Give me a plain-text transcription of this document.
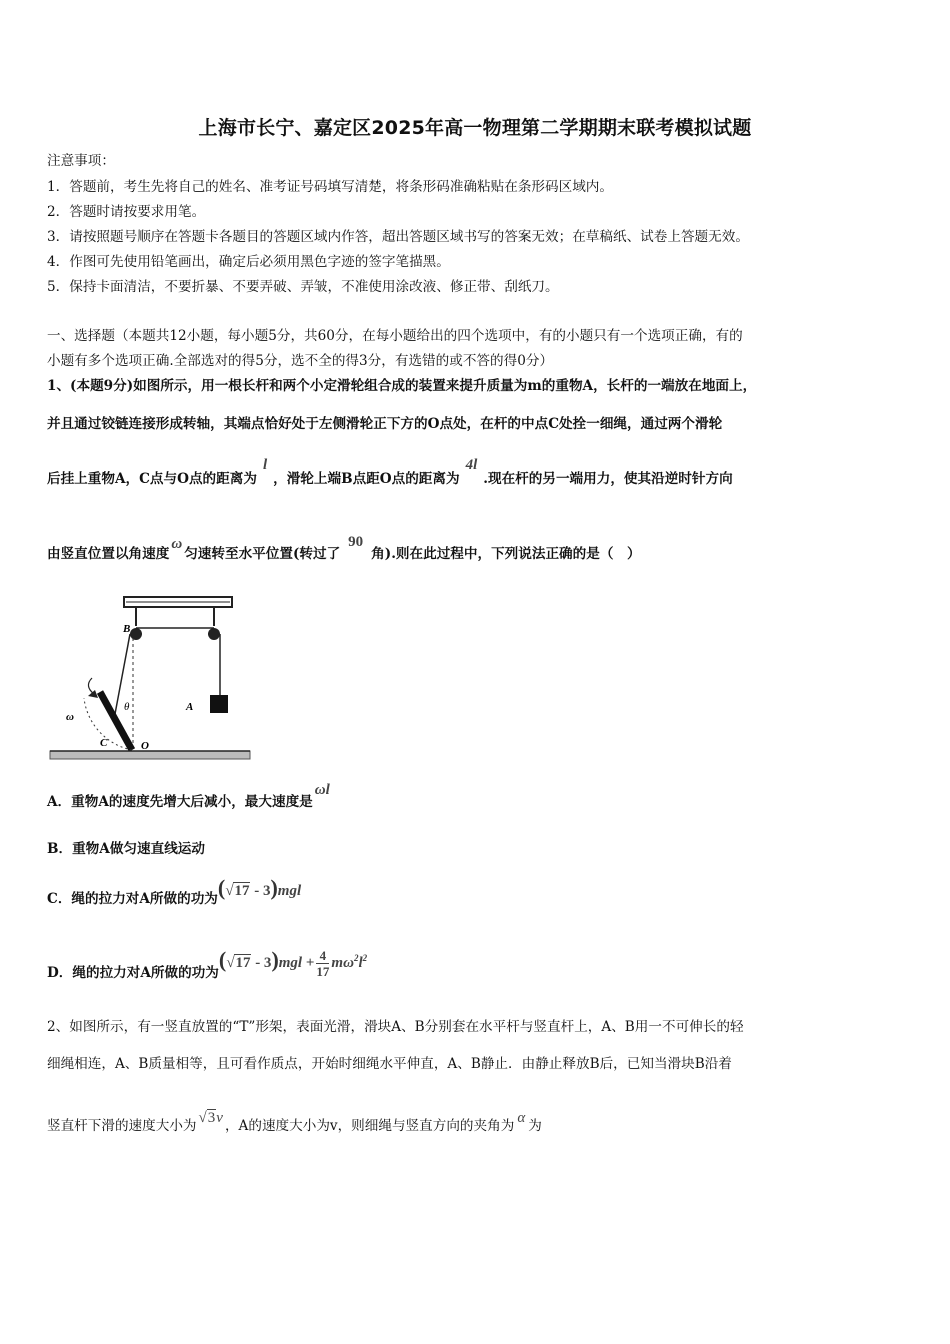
上海市长宁、嘉定区2025年高一物理第二学期期末联考模拟试题
注意事项：
1．答题前，考生先将自己的姓名、准考证号码填写清楚，将条形码准确粘贴在条形码区域内。
2．答题时请按要求用笔。
3．请按照题号顺序在答题卡各题目的答题区域内作答，超出答题区域书写的答案无效；在草稿纸、试卷上答题无效。
4．作图可先使用铅笔画出，确定后必须用黑色字迹的签字笔描黑。
5．保持卡面清洁，不要折暴、不要弄破、弄皱，不准使用涂改液、修正带、刮纸刀。
一、选择题（本题共12小题，每小题5分，共60分，在每小题给出的四个选项中，有的小题只有一个选项正确，有的
小题有多个选项正确.全部选对的得5分，选不全的得3分，有选错的或不答的得0分）
1、(本题9分)如图所示，用一根长杆和两个小定滑轮组合成的装置来提升质量为m的重物A，长杆的一端放在地面上，
并且通过铰链连接形成转轴，其端点恰好处于左侧滑轮正下方的O点处，在杆的中点C处拴一细绳，通过两个滑轮
后挂上重物A，C点与O点的距离为l，滑轮上端B点距O点的距离为4l.现在杆的另一端用力，使其沿逆时针方向
由竖直位置以角速度ω匀速转至水平位置(转过了90角).则在此过程中，下列说法正确的是（　）
B
θ	A
ω
C	O
A．重物A的速度先增大后减小，最大速度是ωl
B．重物A做匀速直线运动
C．绳的拉力对A所做的功为(√17 - 3)mgl
D．绳的拉力对A所做的功为$(√17 - 3)mgl + \frac{4}{17} m\omega^2l^2$
2、如图所示，有一竖直放置的“T”形架，表面光滑，滑块A、B分别套在水平杆与竖直杆上，A、B用一不可伸长的轻
细绳相连，A、B质量相等，且可看作质点，开始时细绳水平伸直，A、B静止．由静止释放B后，已知当滑块B沿着
竖直杆下滑的速度大小为 √3v ，A的速度大小为v，则细绳与竖直方向的夹角为 α 为
